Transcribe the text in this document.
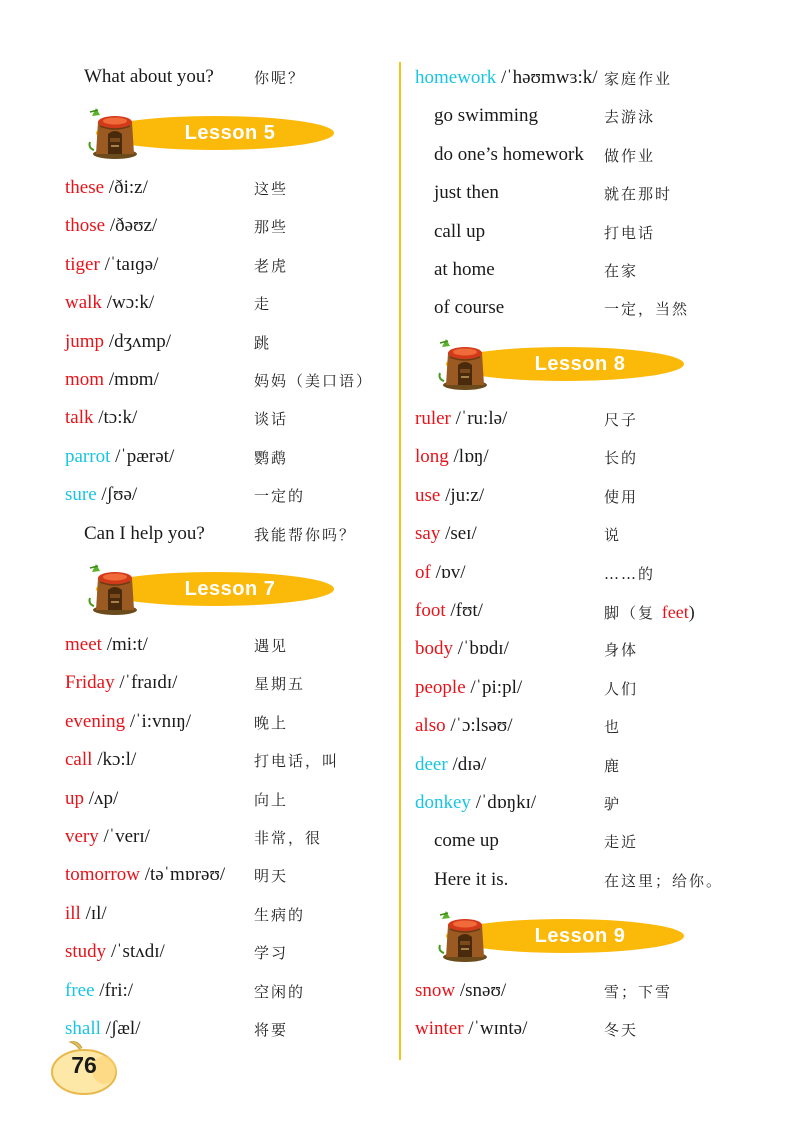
What about you?	你呢？
Lesson 5
these /ði:z/	这些
those /ðəʊz/	那些
tiger /ˈtaɪɡə/	老虎
walk /wɔ:k/	走
jump /dʒʌmp/	跳
mom /mɒm/	妈妈（美口语）
talk /tɔ:k/	谈话
parrot /ˈpærət/	鹦鹉
sure /ʃʊə/	一定的
Can I help you?	我能帮你吗？
Lesson 7
meet /mi:t/	遇见
Friday /ˈfraɪdɪ/	星期五
evening /ˈi:vnɪŋ/	晚上
call /kɔ:l/	打电话，叫
up /ʌp/	向上
very /ˈverɪ/	非常，很
tomorrow /təˈmɒrəʊ/ 明天
ill /ɪl/	生病的
study /ˈstʌdɪ/	学习
free /fri:/	空闲的
shall /ʃæl/	将要
homework /ˈhəʊmwɜ:k/ 家庭作业
go swimming	去游泳
do one’s homework 做作业
just then	就在那时
call up	打电话
at home	在家
of course	一定，当然
Lesson 8
ruler /ˈru:lə/	尺子
long /lɒŋ/	长的
use /ju:z/	使用
say /seɪ/	说
of /ɒv/	……的
foot /fʊt/	脚（复 feet)
body /ˈbɒdɪ/	身体
people /ˈpi:pl/	人们
also /ˈɔ:lsəʊ/	也
deer /dɪə/	鹿
donkey /ˈdɒŋkɪ/	驴
come up	走近
Here it is.	在这里；给你。
Lesson 9
snow /snəʊ/	雪；下雪
winter /ˈwɪntə/	冬天
76
